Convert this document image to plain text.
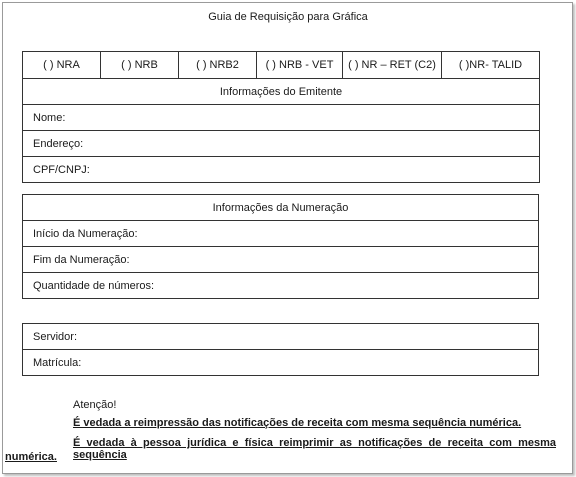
Guia de Requisição para Gráfica
( ) NRA	( ) NRB	( ) NRB2	( ) NRB - VET	( ) NR – RET (C2)	( )NR- TALID
Informações do Emitente
Nome:
Endereço:
CPF/CNPJ:
Informações da Numeração
Início da Numeração:
Fim da Numeração:
Quantidade de números:
Servidor:
Matrícula:
Atenção!
É vedada a reimpressão das notificações de receita com mesma sequência numérica.
É vedada à pessoa jurídica e física reimprimir as notificações de receita com mesma sequência
numérica.
